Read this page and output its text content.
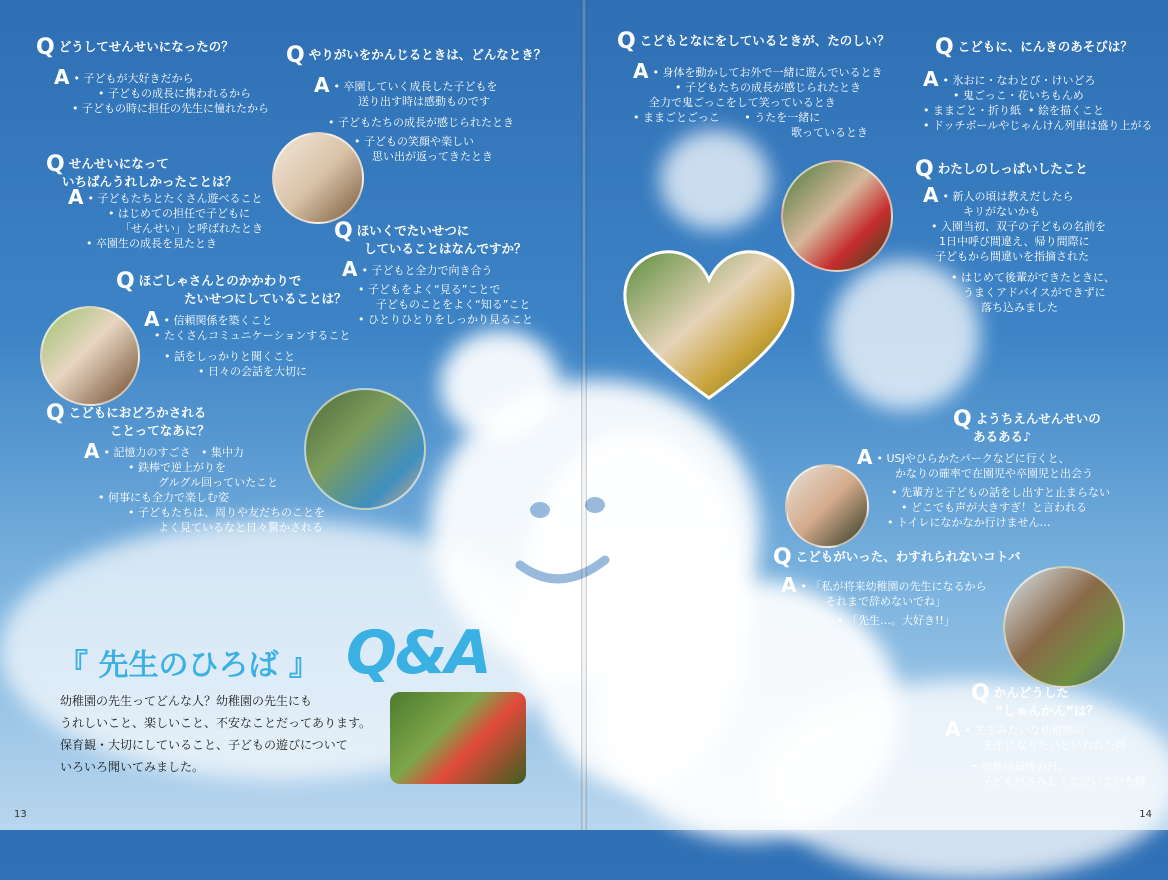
Qどうしてせんせいになったの？
A • 子どもが大好きだから
• 子どもの成長に携われるから
• 子どもの時に担任の先生に憧れたから
Qせんせいになって
いちばんうれしかったことは？
A • 子どもたちとたくさん遊べること
• はじめての担任で子どもに
「せんせい」と呼ばれたとき
• 卒園生の成長を見たとき
Qほごしゃさんとのかかわりで
たいせつにしていることは？
A • 信頼関係を築くこと
• たくさんコミュニケーションすること
• 話をしっかりと聞くこと
• 日々の会話を大切に
Qこどもにおどろかされる
ことってなあに？
A • 記憶力のすごさ • 集中力
• 鉄棒で逆上がりを
グルグル回っていたこと
• 何事にも全力で楽しむ姿
• 子どもたちは、周りや友だちのことを
よく見ているなと日々驚かされる
Qやりがいをかんじるときは、どんなとき？
A • 卒園していく成長した子どもを
送り出す時は感動ものです
• 子どもたちの成長が感じられたとき
• 子どもの笑顔や楽しい
思い出が返ってきたとき
Qほいくでたいせつに
していることはなんですか？
A • 子どもと全力で向き合う
• 子どもをよく“見る”ことで
子どものことをよく“知る”こと
• ひとりひとりをしっかり見ること
『 先生のひろば 』 Q&A
幼稚園の先生ってどんな人？幼稚園の先生にも
うれしいこと、楽しいこと、不安なことだってあります。
保育観・大切にしていること、子どもの遊びについて
いろいろ聞いてみました。
13
Qこどもとなにをしているときが、たのしい？
A • 身体を動かしてお外で一緒に遊んでいるとき
• 子どもたちの成長が感じられたとき
全力で鬼ごっこをして笑っているとき
• ままごとごっこ • うたを一緒に
歌っているとき
Qこどもに、にんきのあそびは？
A • 氷おに・なわとび・けいどろ
• 鬼ごっこ・花いちもんめ
• ままごと・折り紙 • 絵を描くこと
• ドッチボールやじゃんけん列車は盛り上がる
Qわたしのしっぱいしたこと
A • 新人の頃は教えだしたら
キリがないかも
• 入園当初、双子の子どもの名前を
1日中呼び間違え、帰り間際に
子どもから間違いを指摘された
• はじめて後輩ができたときに、
うまくアドバイスができずに
落ち込みました
Qようちえんせんせいの
あるある♪
A • USJやひらかたパークなどに行くと、
かなりの確率で在園児や卒園児と出会う
• 先輩方と子どもの話をし出すと止まらない
• どこでも声が大きすぎ！と言われる
• トイレになかなか行けません…
Qこどもがいった、わすれられないコトバ
A • 「私が将来幼稚園の先生になるから
それまで辞めないでね」
• 「先生…。大好き!!」
Qかんどうした
“しゅんかん”は？
A • 先生みたいな幼稚園の
先生になりたいといわれた時
• 幼稚園最後の日。
子どもがさみしくて泣いていた時
14
